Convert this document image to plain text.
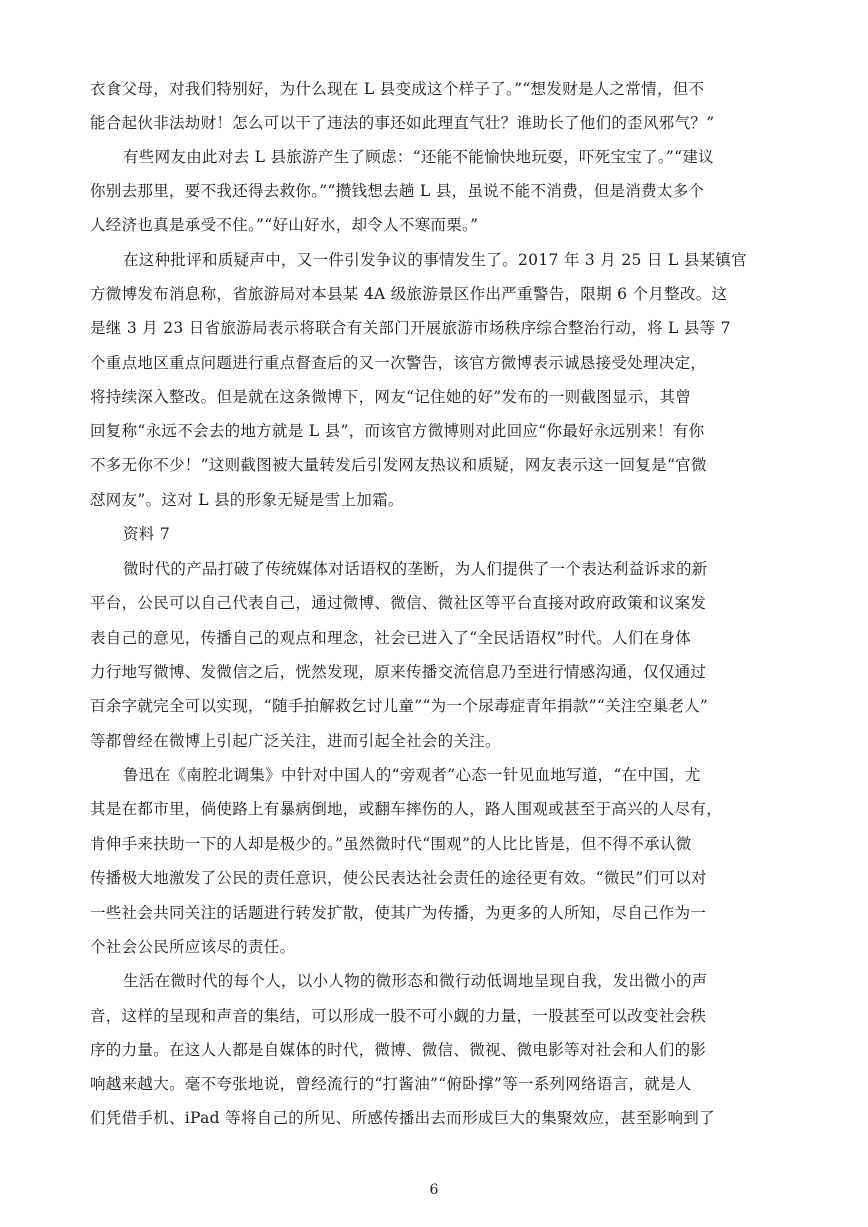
衣食父母，对我们特别好，为什么现在 L 县变成这个样子了。”“想发财是人之常情，但不
能合起伙非法劫财！怎么可以干了违法的事还如此理直气壮？谁助长了他们的歪风邪气？”
有些网友由此对去 L 县旅游产生了顾虑：“还能不能愉快地玩耍，吓死宝宝了。”“建议
你别去那里，要不我还得去救你。”“攒钱想去趟 L 县，虽说不能不消费，但是消费太多个
人经济也真是承受不住。”“好山好水，却令人不寒而栗。”
在这种批评和质疑声中，又一件引发争议的事情发生了。2017 年 3 月 25 日 L 县某镇官
方微博发布消息称，省旅游局对本县某 4A 级旅游景区作出严重警告，限期 6 个月整改。这
是继 3 月 23 日省旅游局表示将联合有关部门开展旅游市场秩序综合整治行动，将 L 县等 7
个重点地区重点问题进行重点督查后的又一次警告，该官方微博表示诚恳接受处理决定，
将持续深入整改。但是就在这条微博下，网友“记住她的好”发布的一则截图显示，其曾
回复称“永远不会去的地方就是 L 县”，而该官方微博则对此回应“你最好永远别来！有你
不多无你不少！”这则截图被大量转发后引发网友热议和质疑，网友表示这一回复是“官微
怼网友”。这对 L 县的形象无疑是雪上加霜。
资料 7
微时代的产品打破了传统媒体对话语权的垄断，为人们提供了一个表达利益诉求的新
平台，公民可以自己代表自己，通过微博、微信、微社区等平台直接对政府政策和议案发
表自己的意见，传播自己的观点和理念，社会已进入了“全民话语权”时代。人们在身体
力行地写微博、发微信之后，恍然发现，原来传播交流信息乃至进行情感沟通，仅仅通过
百余字就完全可以实现，“随手拍解救乞讨儿童”“为一个尿毒症青年捐款”“关注空巢老人”
等都曾经在微博上引起广泛关注，进而引起全社会的关注。
鲁迅在《南腔北调集》中针对中国人的“旁观者”心态一针见血地写道，“在中国，尤
其是在都市里，倘使路上有暴病倒地，或翻车摔伤的人，路人围观或甚至于高兴的人尽有，
肯伸手来扶助一下的人却是极少的。”虽然微时代“围观”的人比比皆是，但不得不承认微
传播极大地激发了公民的责任意识，使公民表达社会责任的途径更有效。“微民”们可以对
一些社会共同关注的话题进行转发扩散，使其广为传播，为更多的人所知，尽自己作为一
个社会公民所应该尽的责任。
生活在微时代的每个人，以小人物的微形态和微行动低调地呈现自我，发出微小的声
音，这样的呈现和声音的集结，可以形成一股不可小觑的力量，一股甚至可以改变社会秩
序的力量。在这人人都是自媒体的时代，微博、微信、微视、微电影等对社会和人们的影
响越来越大。毫不夸张地说，曾经流行的“打酱油”“俯卧撑”等一系列网络语言，就是人
们凭借手机、iPad 等将自己的所见、所感传播出去而形成巨大的集聚效应，甚至影响到了
6
